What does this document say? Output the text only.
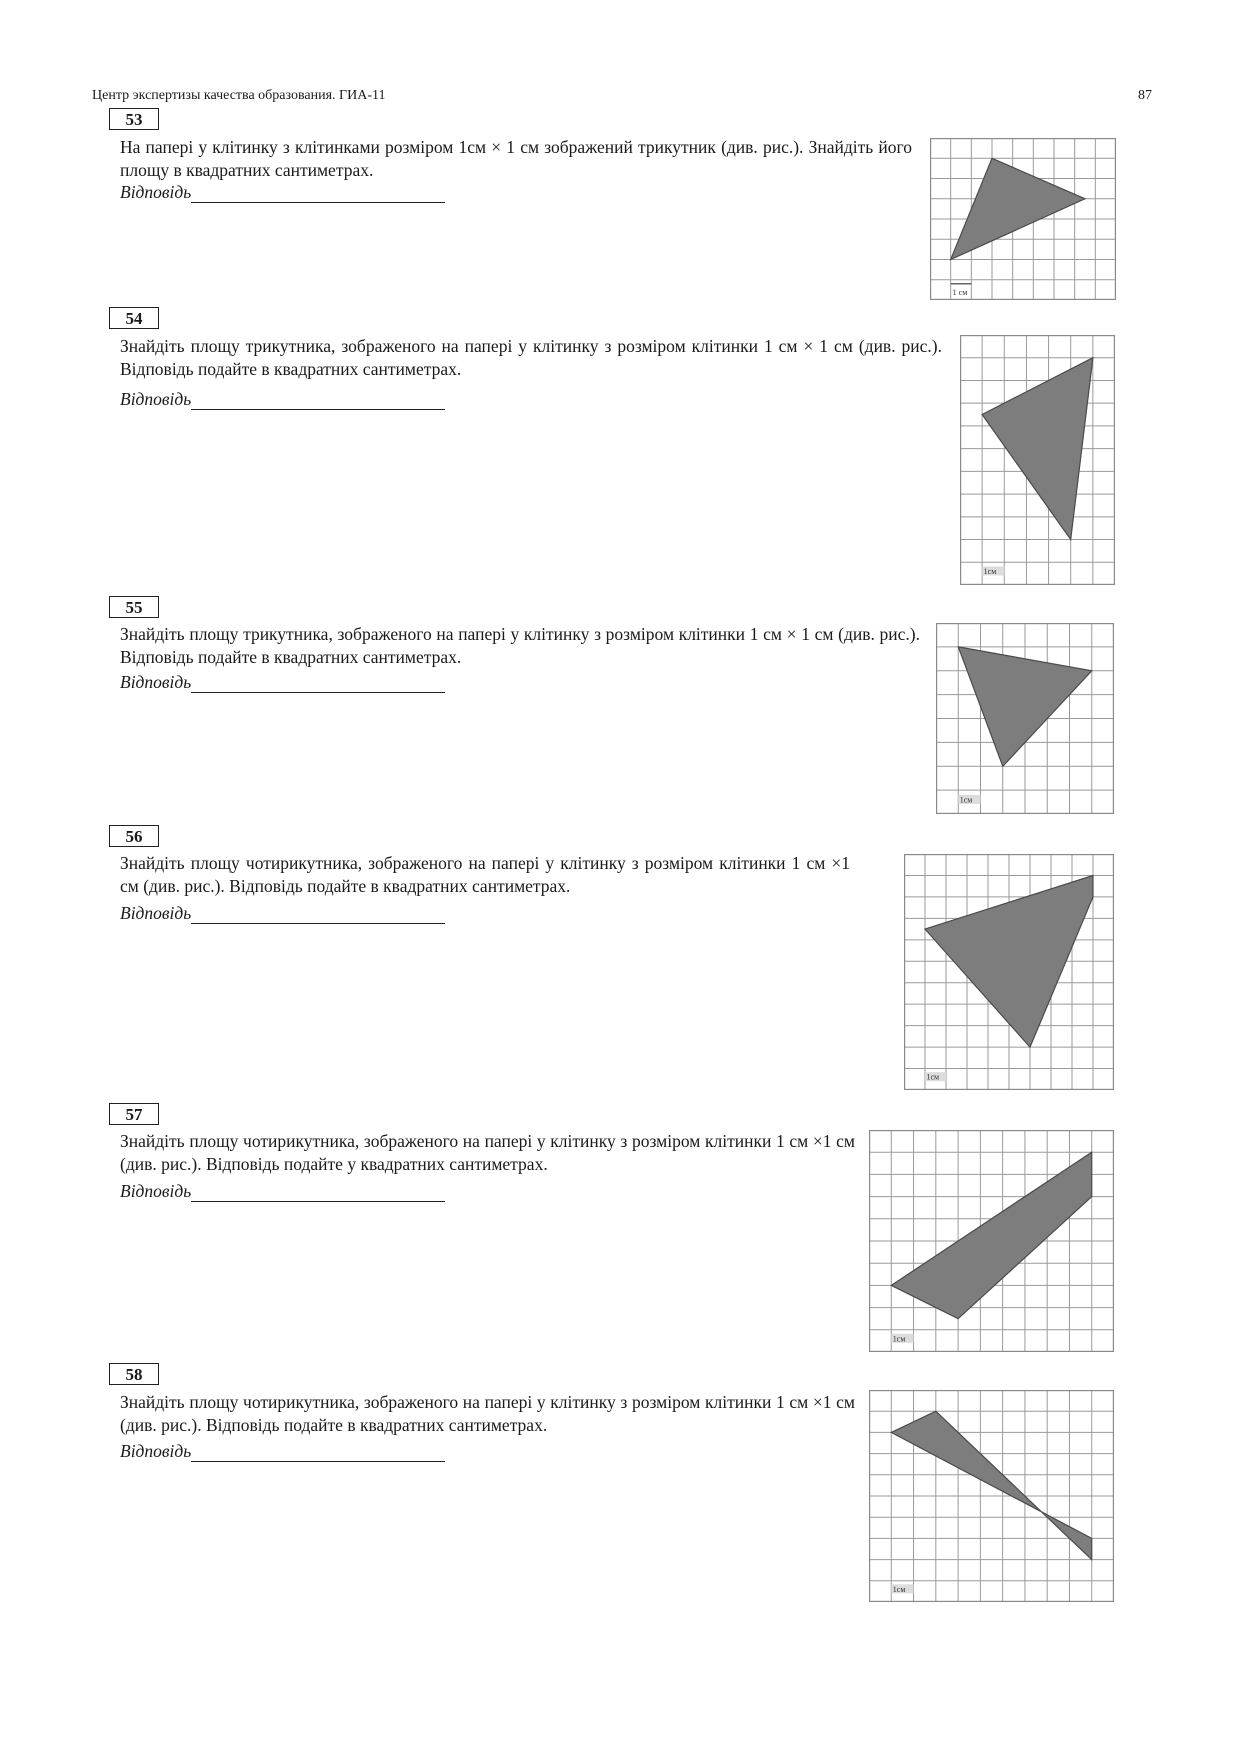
Центр экспертизы качества образования. ГИА-11	87
53
На папері у клітинку з клітинками розміром 1см × 1 см зображений трикутник (див. рис.). Знайдіть його площу в квадратних сантиметрах.
Відповідь
1 см
54
Знайдіть площу трикутника, зображеного на папері у клітинку з розміром клітинки 1 см × 1 см (див. рис.). Відповідь подайте в квадратних сантиметрах.
Відповідь
1см
55
Знайдіть площу трикутника, зображеного на папері у клітинку з розміром клітинки 1 см × 1 см (див. рис.). Відповідь подайте в квадратних сантиметрах.
Відповідь
1см
56
Знайдіть площу чотирикутника, зображеного на папері у клітинку з розміром клітинки 1 см ×1 см (див. рис.). Відповідь подайте в квадратних сантиметрах.
Відповідь
1см
57
Знайдіть площу чотирикутника, зображеного на папері у клітинку з розміром клітинки 1 см ×1 см (див. рис.). Відповідь подайте у квадратних сантиметрах.
Відповідь
1см
58
Знайдіть площу чотирикутника, зображеного на папері у клітинку з розміром клітинки 1 см ×1 см (див. рис.). Відповідь подайте в квадратних сантиметрах.
Відповідь
1см
